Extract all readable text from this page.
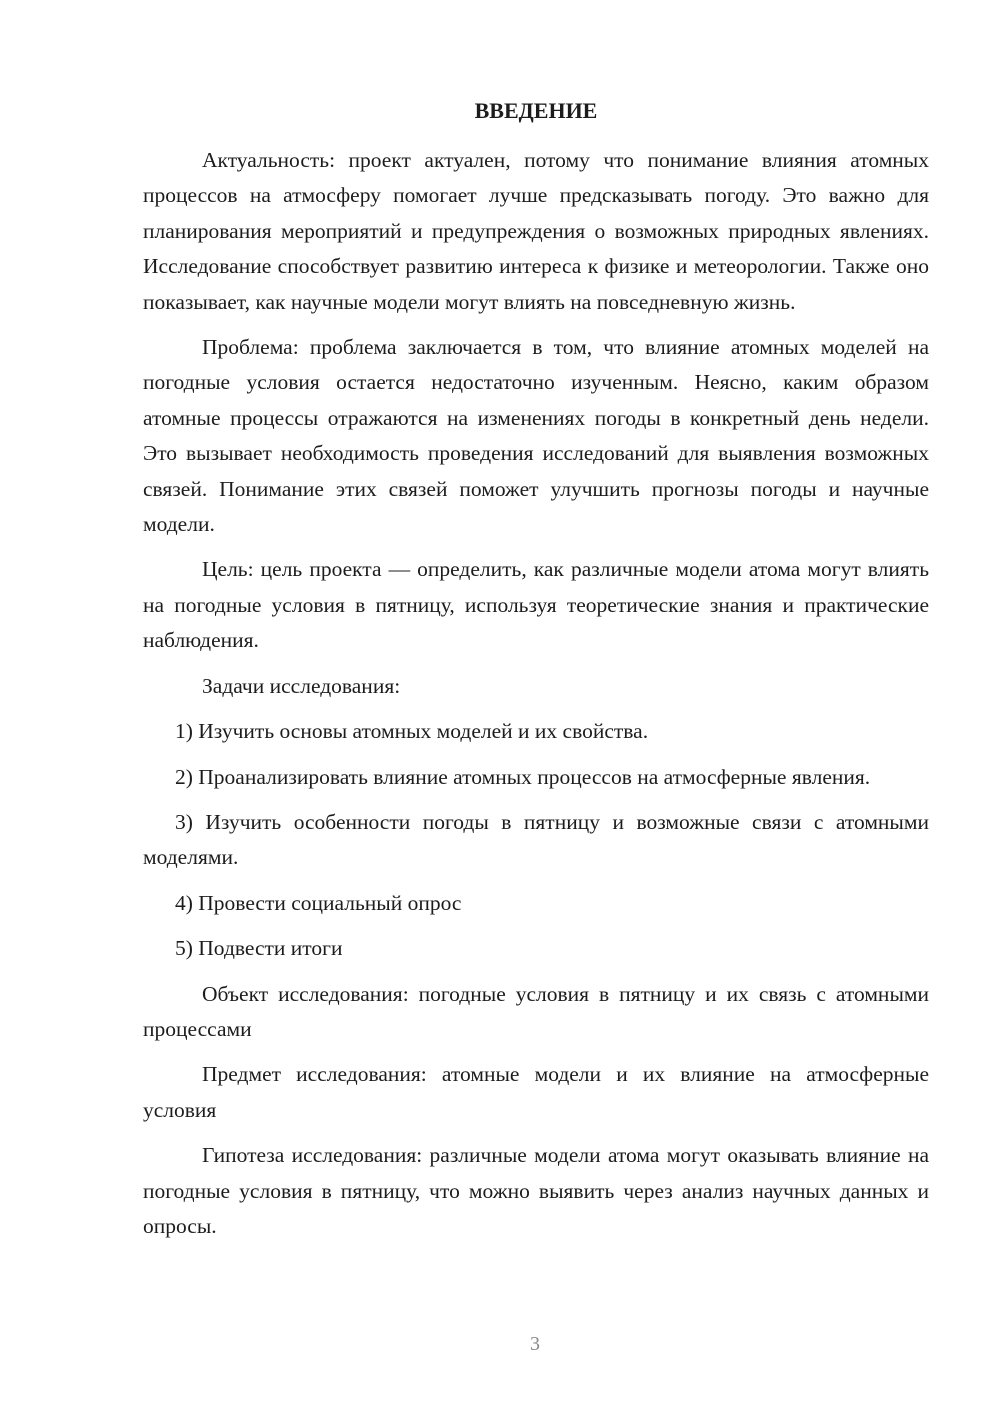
ВВЕДЕНИЕ

Актуальность: проект актуален, потому что понимание влияния атомных процессов на атмосферу помогает лучше предсказывать погоду. Это важно для планирования мероприятий и предупреждения о возможных природных явлениях. Исследование способствует развитию интереса к физике и метеорологии. Также оно показывает, как научные модели могут влиять на повседневную жизнь.

Проблема: проблема заключается в том, что влияние атомных моделей на погодные условия остается недостаточно изученным. Неясно, каким образом атомные процессы отражаются на изменениях погоды в конкретный день недели. Это вызывает необходимость проведения исследований для выявления возможных связей. Понимание этих связей поможет улучшить прогнозы погоды и научные модели.

Цель: цель проекта — определить, как различные модели атома могут влиять на погодные условия в пятницу, используя теоретические знания и практические наблюдения.

Задачи исследования:

1) Изучить основы атомных моделей и их свойства.

2) Проанализировать влияние атомных процессов на атмосферные явления.

3) Изучить особенности погоды в пятницу и возможные связи с атомными моделями.

4) Провести социальный опрос

5) Подвести итоги

Объект исследования: погодные условия в пятницу и их связь с атомными процессами

Предмет исследования: атомные модели и их влияние на атмосферные условия

Гипотеза исследования: различные модели атома могут оказывать влияние на погодные условия в пятницу, что можно выявить через анализ научных данных и опросы.

3
